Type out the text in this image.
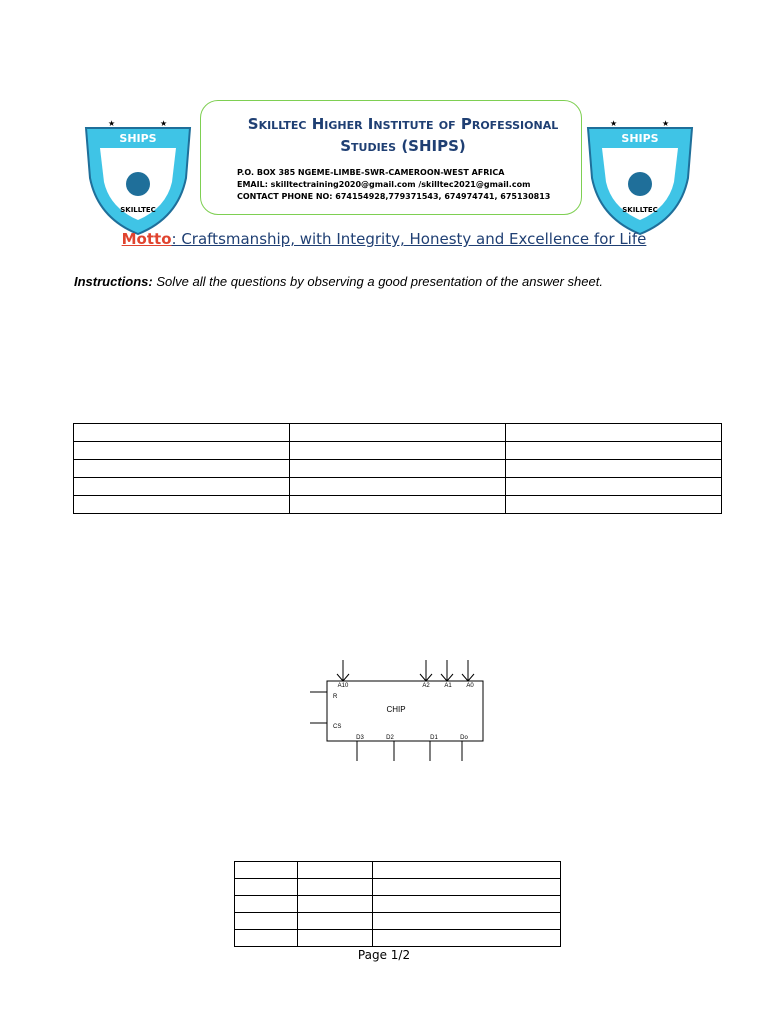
SHIPS
SKILLTEC
★	★
SHIPS
SKILLTEC
★	★
Skilltec Higher Institute of Professional
Studies (SHIPS)
P.O. BOX 385 NGEME-LIMBE-SWR-CAMEROON-WEST AFRICA
EMAIL: skilltectraining2020@gmail.com /skilltec2021@gmail.com
CONTACT PHONE NO: 674154928,779371543, 674974741, 675130813
Motto: Craftsmanship, with Integrity, Honesty and Excellence for Life
Instructions: Solve all the questions by observing a good presentation of the answer sheet.

A10	A2 A1 A0
R
CS
CHIP
D3	D2	D1	Do

Page 1/2
